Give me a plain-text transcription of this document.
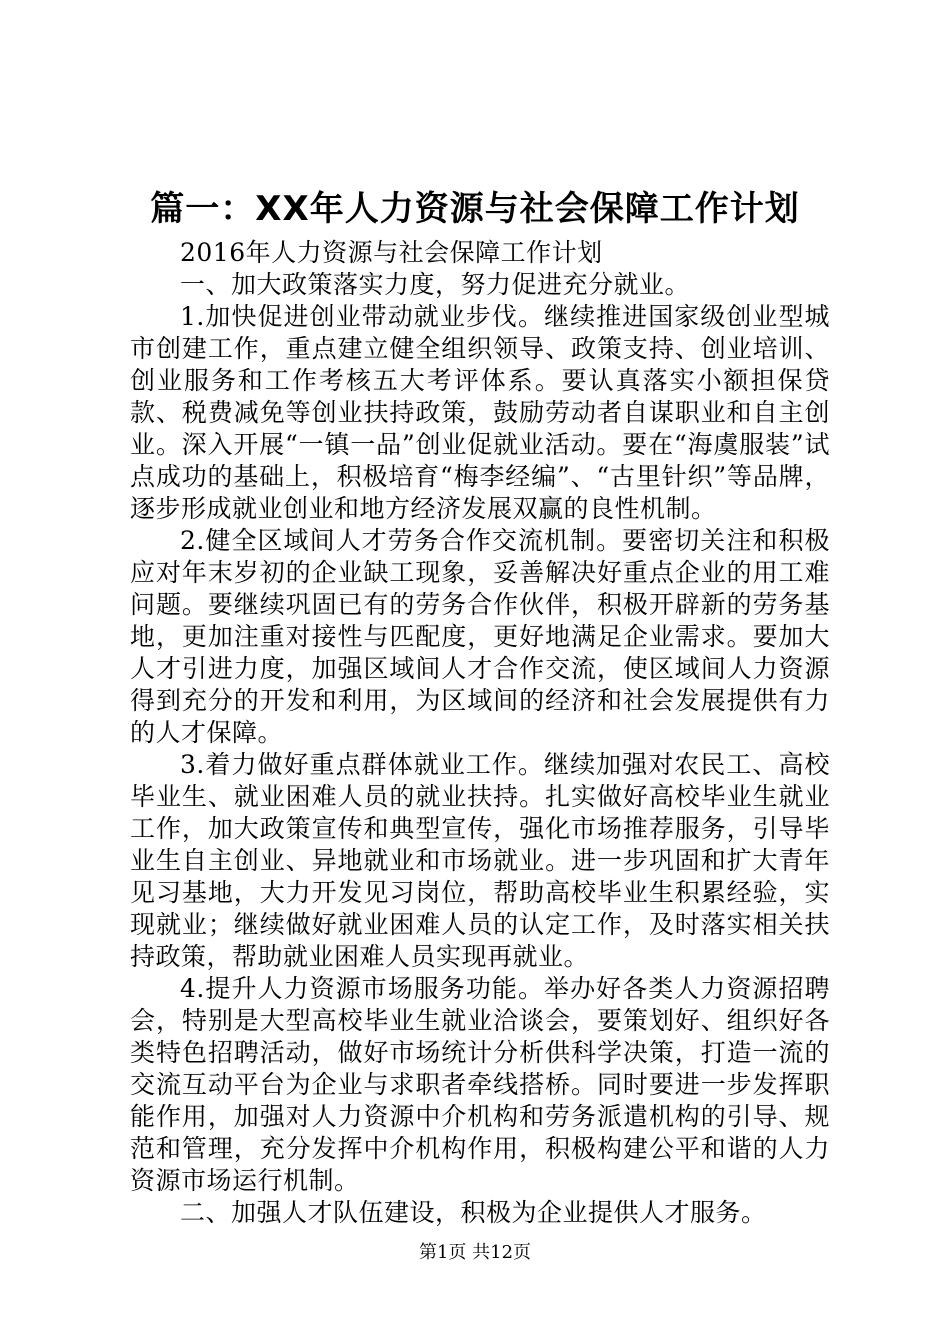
篇一：XX年人力资源与社会保障工作计划

2016年人力资源与社会保障工作计划

一、加大政策落实力度，努力促进充分就业。

1.加快促进创业带动就业步伐。继续推进国家级创业型城市创建工作，重点建立健全组织领导、政策支持、创业培训、创业服务和工作考核五大考评体系。要认真落实小额担保贷款、税费减免等创业扶持政策，鼓励劳动者自谋职业和自主创业。深入开展“一镇一品”创业促就业活动。要在“海虞服装”试点成功的基础上，积极培育“梅李经编”、“古里针织”等品牌，逐步形成就业创业和地方经济发展双赢的良性机制。

2.健全区域间人才劳务合作交流机制。要密切关注和积极应对年末岁初的企业缺工现象，妥善解决好重点企业的用工难问题。要继续巩固已有的劳务合作伙伴，积极开辟新的劳务基地，更加注重对接性与匹配度，更好地满足企业需求。要加大人才引进力度，加强区域间人才合作交流，使区域间人力资源得到充分的开发和利用，为区域间的经济和社会发展提供有力的人才保障。

3.着力做好重点群体就业工作。继续加强对农民工、高校毕业生、就业困难人员的就业扶持。扎实做好高校毕业生就业工作，加大政策宣传和典型宣传，强化市场推荐服务，引导毕业生自主创业、异地就业和市场就业。进一步巩固和扩大青年见习基地，大力开发见习岗位，帮助高校毕业生积累经验，实现就业；继续做好就业困难人员的认定工作，及时落实相关扶持政策，帮助就业困难人员实现再就业。

4.提升人力资源市场服务功能。举办好各类人力资源招聘会，特别是大型高校毕业生就业洽谈会，要策划好、组织好各类特色招聘活动，做好市场统计分析供科学决策，打造一流的交流互动平台为企业与求职者牵线搭桥。同时要进一步发挥职能作用，加强对人力资源中介机构和劳务派遣机构的引导、规范和管理，充分发挥中介机构作用，积极构建公平和谐的人力资源市场运行机制。

二、加强人才队伍建设，积极为企业提供人才服务。

第1页 共12页
